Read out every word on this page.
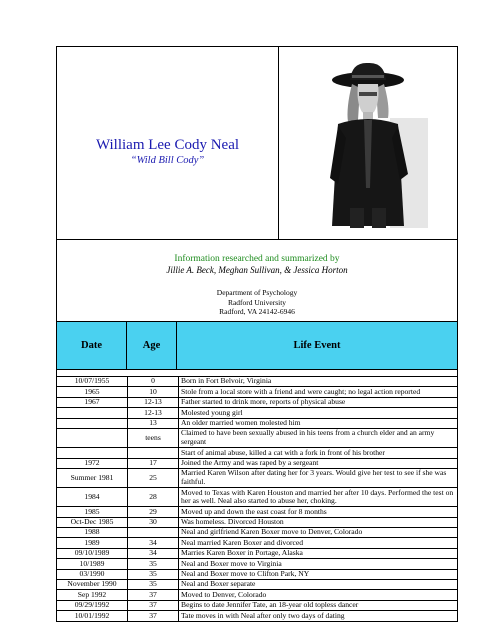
William Lee Cody Neal
“Wild Bill Cody”
Information researched and summarized by
Jillie A. Beck, Meghan Sullivan, & Jessica Horton
Department of Psychology
Radford University
Radford, VA 24142-6946
Date	Age	Life Event
10/07/1955	0	Born in Fort Belvoir, Virginia
1965	10	Stole from a local store with a friend and were caught; no legal action reported
1967	12-13	Father started to drink more, reports of physical abuse
	12-13	Molested young girl
	13	An older married women molested him
	teens	Claimed to have been sexually abused in his teens from a church elder and an army sergeant
		Start of animal abuse, killed a cat with a fork in front of his brother
1972	17	Joined the Army and was raped by a sergeant
Summer 1981	25	Married Karen Wilson after dating her for 3 years. Would give her test to see if she was faithful.
1984	28	Moved to Texas with Karen Houston and married her after 10 days. Performed the test on her as well. Neal also started to abuse her, choking.
1985	29	Moved up and down the east coast for 8 months
Oct-Dec 1985	30	Was homeless. Divorced Houston
1988		Neal and girlfriend Karen Boxer move to Denver, Colorado
1989	34	Neal married Karen Boxer and divorced
09/10/1989	34	Marries Karen Boxer in Portage, Alaska
10/1989	35	Neal and Boxer move to Virginia
03/1990	35	Neal and Boxer move to Clifton Park, NY
November 1990	35	Neal and Boxer separate
Sep 1992	37	Moved to Denver, Colorado
09/29/1992	37	Begins to date Jennifer Tate, an 18-year old topless dancer
10/01/1992	37	Tate moves in with Neal after only two days of dating
